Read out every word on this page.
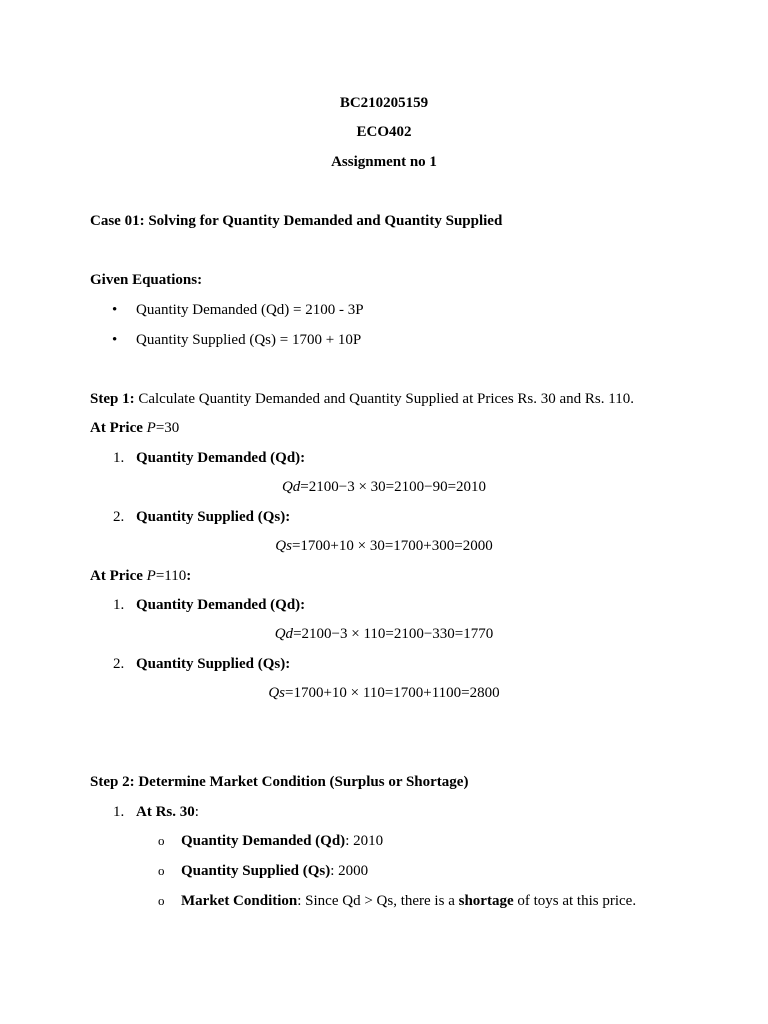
BC210205159
ECO402
Assignment no 1
Case 01: Solving for Quantity Demanded and Quantity Supplied
Given Equations:
• Quantity Demanded (Qd) = 2100 - 3P
• Quantity Supplied (Qs) = 1700 + 10P
Step 1: Calculate Quantity Demanded and Quantity Supplied at Prices Rs. 30 and Rs. 110.
At Price P=30
1. Quantity Demanded (Qd):
Qd=2100−3 × 30=2100−90=2010
2. Quantity Supplied (Qs):
Qs=1700+10 × 30=1700+300=2000
At Price P=110:
1. Quantity Demanded (Qd):
Qd=2100−3 × 110=2100−330=1770
2. Quantity Supplied (Qs):
Qs=1700+10 × 110=1700+1100=2800
Step 2: Determine Market Condition (Surplus or Shortage)
1. At Rs. 30:
o Quantity Demanded (Qd): 2010
o Quantity Supplied (Qs): 2000
o Market Condition: Since Qd > Qs, there is a shortage of toys at this price.
